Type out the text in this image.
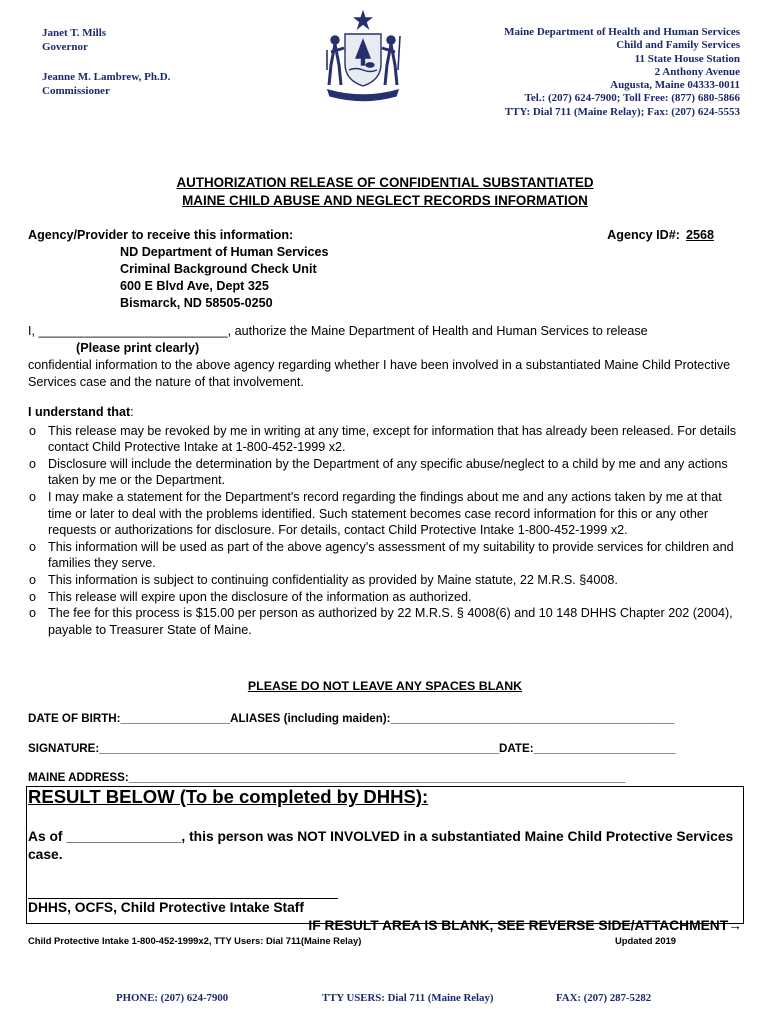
Janet T. Mills
Governor
Jeanne M. Lambrew, Ph.D.
Commissioner
Maine Department of Health and Human Services
Child and Family Services
11 State House Station
2 Anthony Avenue
Augusta, Maine 04333-0011
Tel.: (207) 624-7900; Toll Free: (877) 680-5866
TTY: Dial 711 (Maine Relay); Fax: (207) 624-5553
AUTHORIZATION RELEASE OF CONFIDENTIAL SUBSTANTIATED
MAINE CHILD ABUSE AND NEGLECT RECORDS INFORMATION
Agency/Provider to receive this information:	Agency ID#: 2568
ND Department of Human Services
Criminal Background Check Unit
600 E Blvd Ave, Dept 325
Bismarck, ND 58505-0250
I, ___________________________, authorize the Maine Department of Health and Human Services to release
(Please print clearly)
confidential information to the above agency regarding whether I have been involved in a substantiated Maine Child Protective Services case and the nature of that involvement.
I understand that:
o This release may be revoked by me in writing at any time, except for information that has already been released. For details contact Child Protective Intake at 1-800-452-1999 x2.
o Disclosure will include the determination by the Department of any specific abuse/neglect to a child by me and any actions taken by me or the Department.
o I may make a statement for the Department's record regarding the findings about me and any actions taken by me at that time or later to deal with the problems identified. Such statement becomes case record information for this or any other requests or authorizations for disclosure. For details, contact Child Protective Intake 1-800-452-1999 x2.
o This information will be used as part of the above agency's assessment of my suitability to provide services for children and families they serve.
o This information is subject to continuing confidentiality as provided by Maine statute, 22 M.R.S. §4008.
o This release will expire upon the disclosure of the information as authorized.
o The fee for this process is $15.00 per person as authorized by 22 M.R.S. § 4008(6) and 10 148 DHHS Chapter 202 (2004), payable to Treasurer State of Maine.
PLEASE DO NOT LEAVE ANY SPACES BLANK
DATE OF BIRTH:_________________ALIASES (including maiden):____________________________________________
SIGNATURE:______________________________________________________________DATE:______________________
MAINE ADDRESS:_____________________________________________________________________________
RESULT BELOW (To be completed by DHHS):
As of _______________, this person was NOT INVOLVED in a substantiated Maine Child Protective Services case.
DHHS, OCFS, Child Protective Intake Staff
IF RESULT AREA IS BLANK, SEE REVERSE SIDE/ATTACHMENT→
Child Protective Intake 1-800-452-1999x2, TTY Users: Dial 711(Maine Relay)	Updated 2019
PHONE: (207) 624-7900	TTY USERS: Dial 711 (Maine Relay)	FAX: (207) 287-5282
